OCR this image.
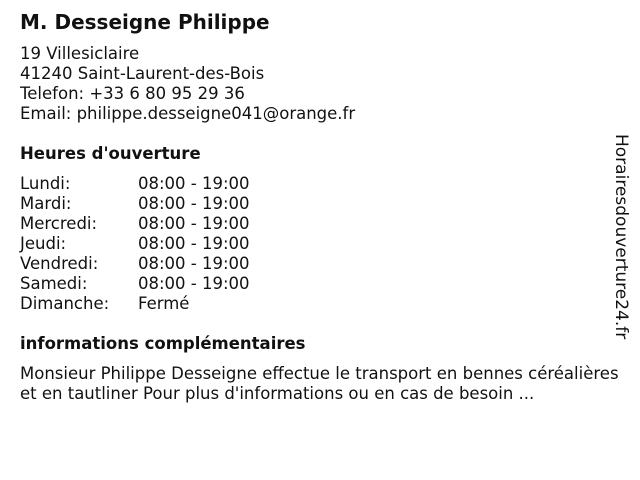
M. Desseigne Philippe
19 Villesiclaire
41240 Saint-Laurent-des-Bois
Telefon: +33 6 80 95 29 36
Email: philippe.desseigne041@orange.fr
Heures d'ouverture
Lundi:	08:00 - 19:00
Mardi:	08:00 - 19:00
Mercredi:	08:00 - 19:00
Jeudi:	08:00 - 19:00
Vendredi:	08:00 - 19:00
Samedi:	08:00 - 19:00
Dimanche:	Fermé
informations complémentaires
Monsieur Philippe Desseigne effectue le transport en bennes céréalières et en tautliner Pour plus d'informations ou en cas de besoin ...
Horairesdouverture24.fr
